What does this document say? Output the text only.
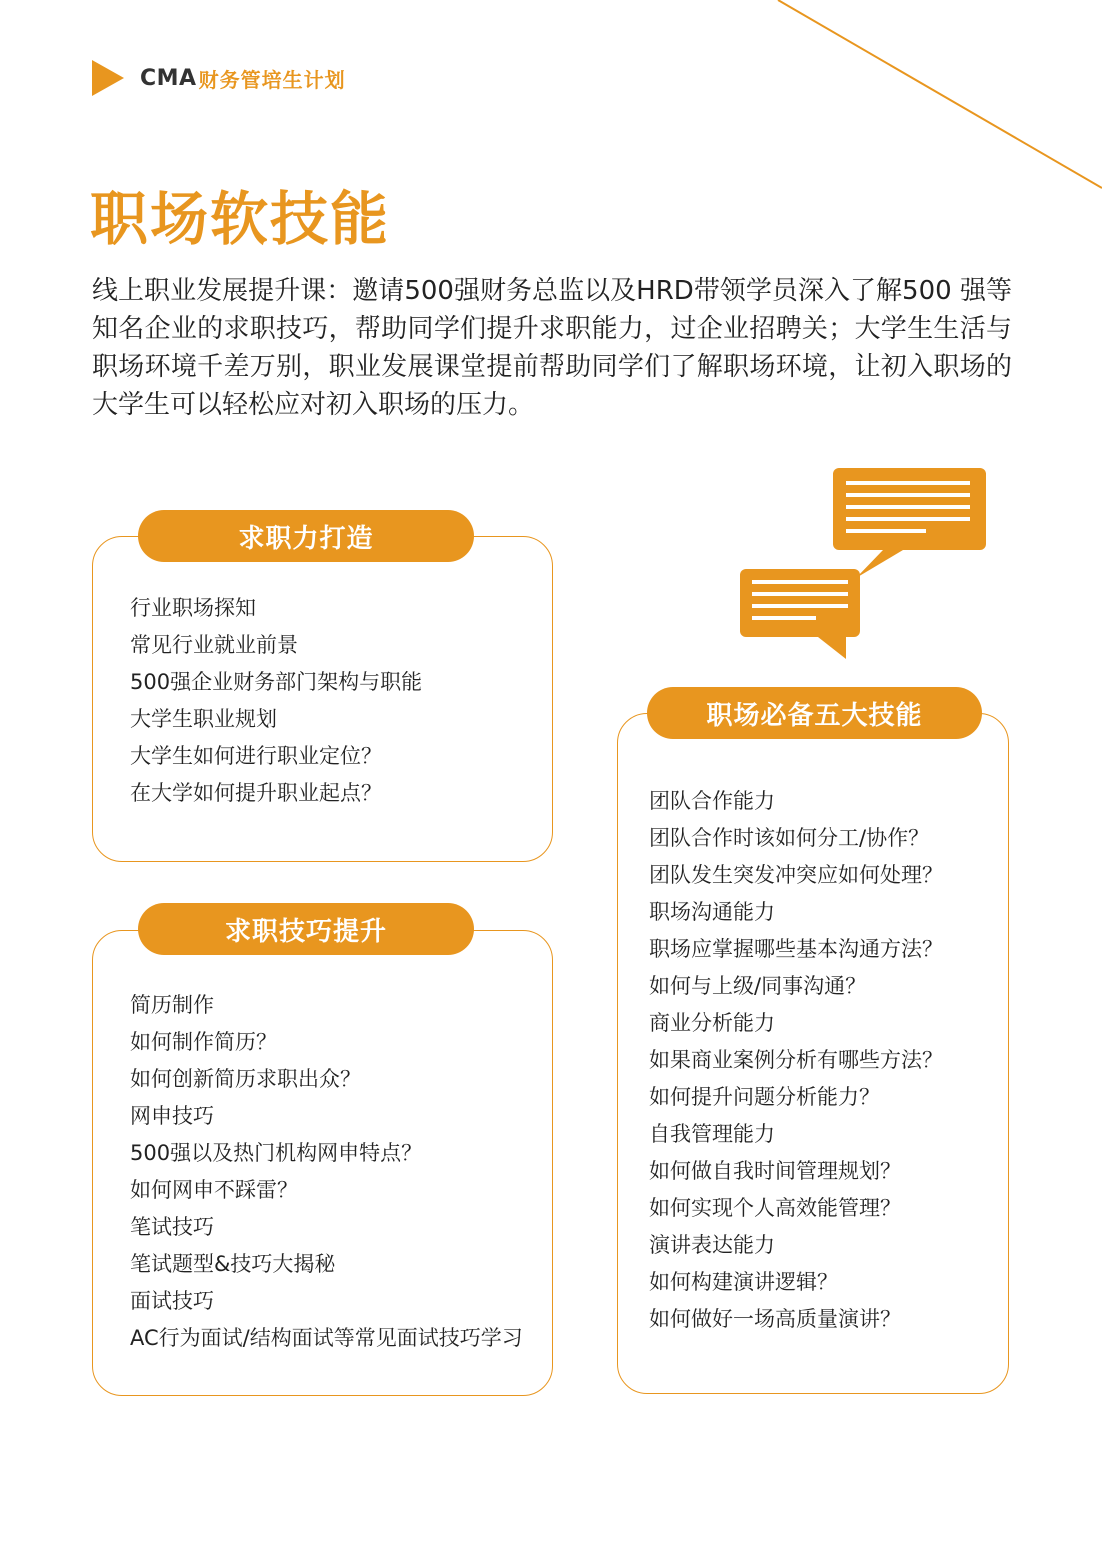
CMA 财务管培生计划
职场软技能

线上职业发展提升课：邀请500强财务总监以及HRD带领学员深入了解500 强等知名企业的求职技巧，帮助同学们提升求职能力，过企业招聘关；大学生生活与职场环境千差万别，职业发展课堂提前帮助同学们了解职场环境，让初入职场的大学生可以轻松应对初入职场的压力。

求职力打造
行业职场探知
常见行业就业前景
500强企业财务部门架构与职能
大学生职业规划
大学生如何进行职业定位？
在大学如何提升职业起点？
求职技巧提升
简历制作
如何制作简历？
如何创新简历求职出众？
网申技巧
500强以及热门机构网申特点？
如何网申不踩雷？
笔试技巧
笔试题型&技巧大揭秘
面试技巧
AC行为面试/结构面试等常见面试技巧学习
职场必备五大技能
团队合作能力
团队合作时该如何分工/协作？
团队发生突发冲突应如何处理？
职场沟通能力
职场应掌握哪些基本沟通方法？
如何与上级/同事沟通？
商业分析能力
如果商业案例分析有哪些方法？
如何提升问题分析能力？
自我管理能力
如何做自我时间管理规划？
如何实现个人高效能管理？
演讲表达能力
如何构建演讲逻辑？
如何做好一场高质量演讲？
